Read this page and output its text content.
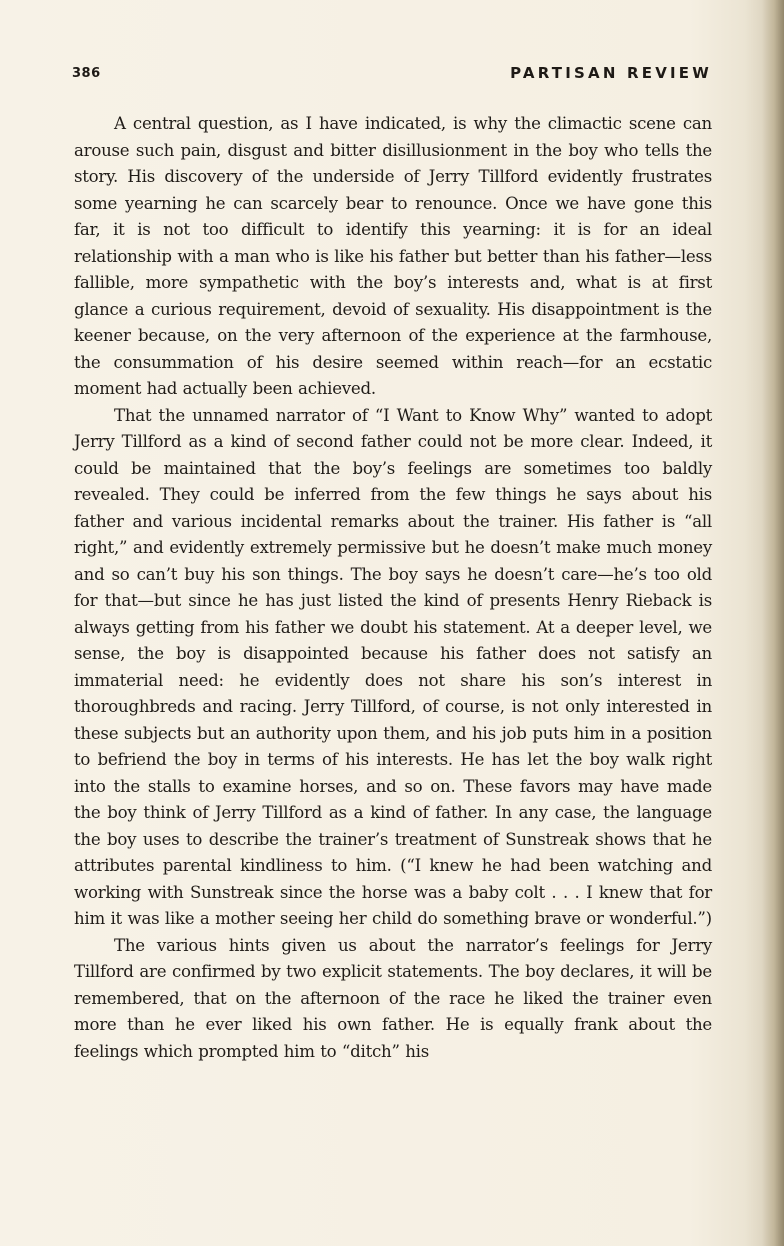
386	PARTISAN REVIEW

A central question, as I have indicated, is why the climactic scene can arouse such pain, disgust and bitter disillusionment in the boy who tells the story. His discovery of the underside of Jerry Tillford evidently frustrates some yearning he can scarcely bear to renounce. Once we have gone this far, it is not too difficult to identify this yearning: it is for an ideal relationship with a man who is like his father but better than his father—less fallible, more sympathetic with the boy’s interests and, what is at first glance a curious requirement, devoid of sexuality. His disappointment is the keener because, on the very afternoon of the experience at the farmhouse, the consummation of his desire seemed within reach—for an ecstatic moment had actually been achieved.

That the unnamed narrator of “I Want to Know Why” wanted to adopt Jerry Tillford as a kind of second father could not be more clear. Indeed, it could be maintained that the boy’s feelings are sometimes too baldly revealed. They could be inferred from the few things he says about his father and various incidental remarks about the trainer. His father is “all right,” and evidently extremely permissive but he doesn’t make much money and so can’t buy his son things. The boy says he doesn’t care—he’s too old for that—but since he has just listed the kind of presents Henry Rieback is always getting from his father we doubt his statement. At a deeper level, we sense, the boy is disappointed because his father does not satisfy an immaterial need: he evidently does not share his son’s interest in thoroughbreds and racing. Jerry Tillford, of course, is not only interested in these subjects but an authority upon them, and his job puts him in a position to befriend the boy in terms of his interests. He has let the boy walk right into the stalls to examine horses, and so on. These favors may have made the boy think of Jerry Tillford as a kind of father. In any case, the language the boy uses to describe the trainer’s treatment of Sunstreak shows that he attributes parental kindliness to him. (“I knew he had been watching and working with Sunstreak since the horse was a baby colt . . . I knew that for him it was like a mother seeing her child do something brave or wonderful.”)

The various hints given us about the narrator’s feelings for Jerry Tillford are confirmed by two explicit statements. The boy declares, it will be remembered, that on the afternoon of the race he liked the trainer even more than he ever liked his own father. He is equally frank about the feelings which prompted him to “ditch” his
